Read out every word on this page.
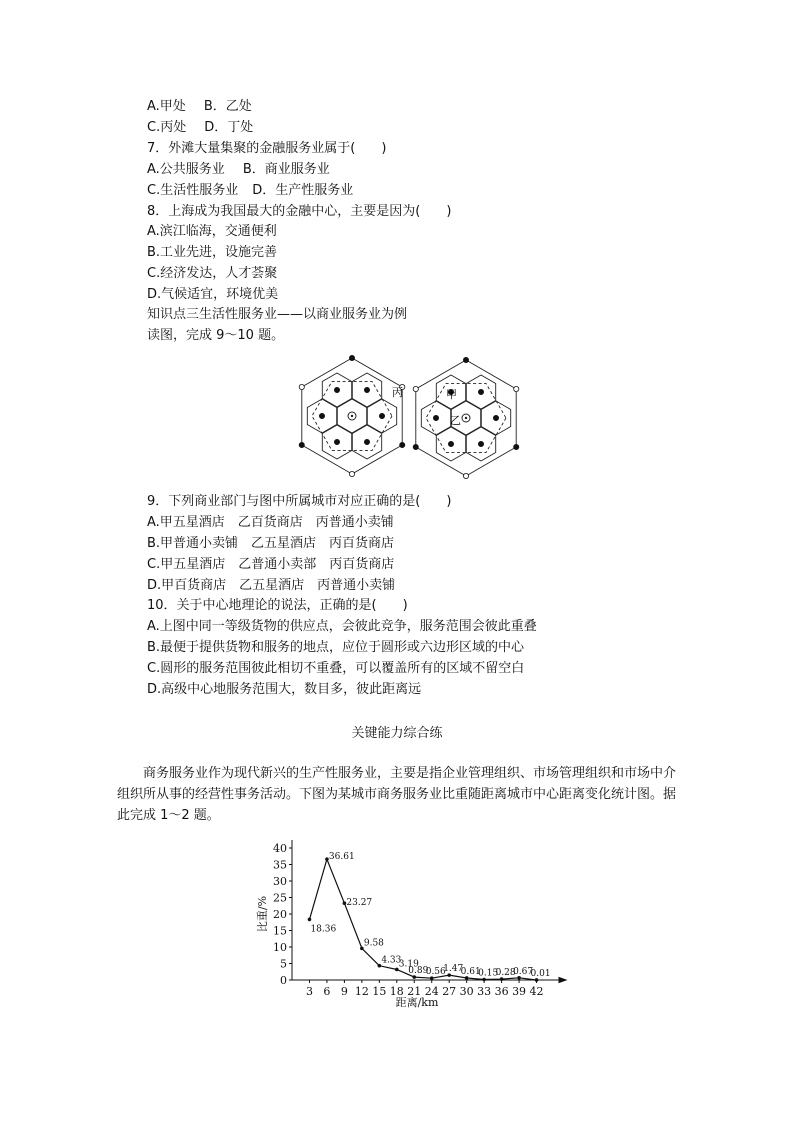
A.甲处 B．乙处
C.丙处 D．丁处
7．外滩大量集聚的金融服务业属于(　　)
A.公共服务业 B．商业服务业
C.生活性服务业 D．生产性服务业
8．上海成为我国最大的金融中心，主要是因为(　　)
A.滨江临海，交通便利
B.工业先进，设施完善
C.经济发达，人才荟聚
D.气候适宜，环境优美
知识点三生活性服务业——以商业服务业为例
读图，完成 9～10 题。
丙	甲
乙
9．下列商业部门与图中所属城市对应正确的是(　　)
A.甲五星酒店　乙百货商店　丙普通小卖铺
B.甲普通小卖铺　乙五星酒店　丙百货商店
C.甲五星酒店　乙普通小卖部　丙百货商店
D.甲百货商店　乙五星酒店　丙普通小卖铺
10．关于中心地理论的说法，正确的是(　　)
A.上图中同一等级货物的供应点，会彼此竞争，服务范围会彼此重叠
B.最便于提供货物和服务的地点，应位于圆形或六边形区域的中心
C.圆形的服务范围彼此相切不重叠，可以覆盖所有的区域不留空白
D.高级中心地服务范围大，数目多，彼此距离远
关键能力综合练
商务服务业作为现代新兴的生产性服务业，主要是指企业管理组织、市场管理组织和市场中介组织所从事的经营性事务活动。下图为某城市商务服务业比重随距离城市中心距离变化统计图。据此完成 1～2 题。
0
5
10
15
20
25
30
35
40
3 6 9 12 15 18 21 24 27 30 33 36 39 42
18.36
36.61
23.27
9.58
4.33
3.19
0.89
0.56
1.47
0.61
0.15
0.28
0.67
0.01
比重/%
距离/km
